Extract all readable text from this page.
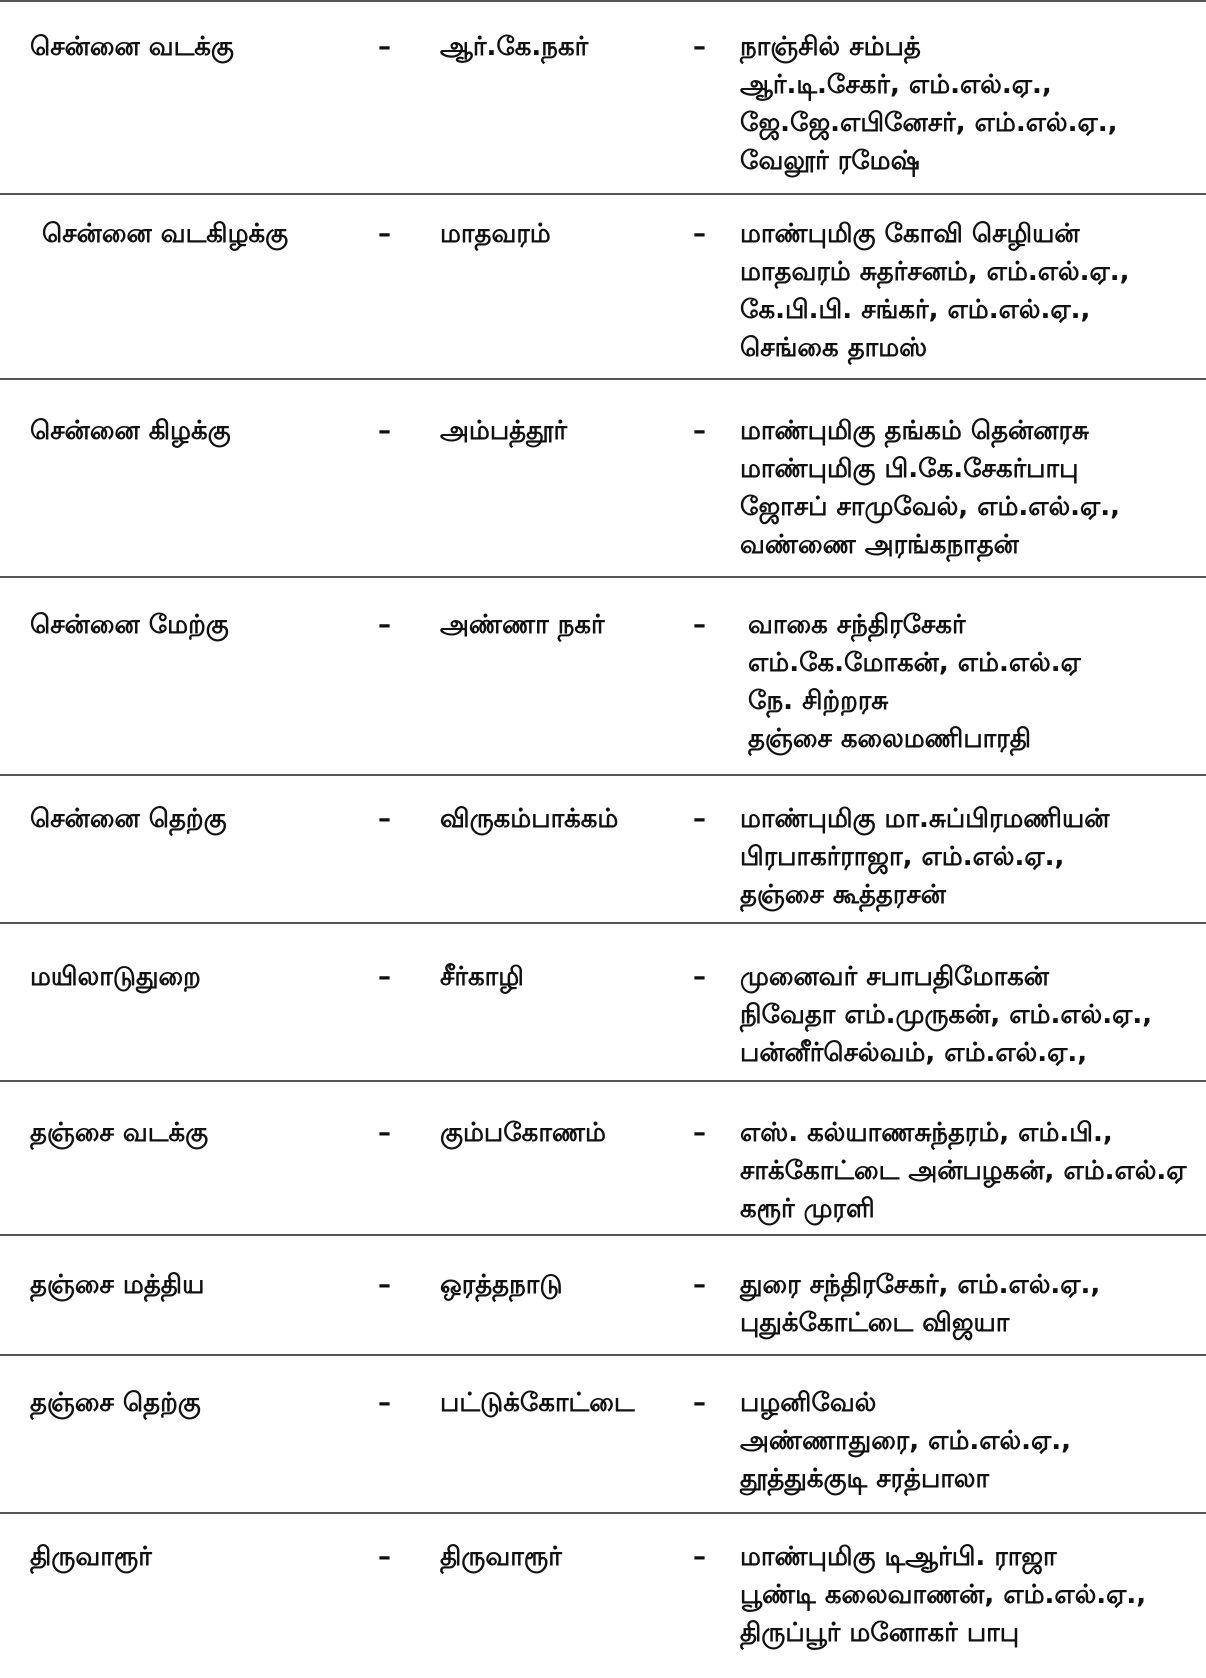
சென்னை வடக்கு	– ஆர்.கே.நகர்	– நாஞ்சில் சம்பத்
ஆர்.டி.சேகர், எம்.எல்.ஏ.,
ஜே.ஜே.எபினேசர், எம்.எல்.ஏ.,
வேலூர் ரமேஷ்
சென்னை வடகிழக்கு	– மாதவரம்	– மாண்புமிகு கோவி செழியன்
மாதவரம் சுதர்சனம், எம்.எல்.ஏ.,
கே.பி.பி. சங்கர், எம்.எல்.ஏ.,
செங்கை தாமஸ்
சென்னை கிழக்கு	– அம்பத்தூர்	– மாண்புமிகு தங்கம் தென்னரசு
மாண்புமிகு பி.கே.சேகர்பாபு
ஜோசப் சாமுவேல், எம்.எல்.ஏ.,
வண்ணை அரங்கநாதன்
சென்னை மேற்கு	– அண்ணா நகர்	– வாகை சந்திரசேகர்
எம்.கே.மோகன், எம்.எல்.ஏ
நே. சிற்றரசு
தஞ்சை கலைமணிபாரதி
சென்னை தெற்கு	– விருகம்பாக்கம்	– மாண்புமிகு மா.சுப்பிரமணியன்
பிரபாகர்ராஜா, எம்.எல்.ஏ.,
தஞ்சை கூத்தரசன்
மயிலாடுதுறை	– சீர்காழி	– முனைவர் சபாபதிமோகன்
நிவேதா எம்.முருகன், எம்.எல்.ஏ.,
பன்னீர்செல்வம், எம்.எல்.ஏ.,
தஞ்சை வடக்கு	– கும்பகோணம்	– எஸ். கல்யாணசுந்தரம், எம்.பி.,
சாக்கோட்டை அன்பழகன், எம்.எல்.ஏ
கரூர் முரளி
தஞ்சை மத்திய	– ஒரத்தநாடு	– துரை சந்திரசேகர், எம்.எல்.ஏ.,
புதுக்கோட்டை விஜயா
தஞ்சை தெற்கு	– பட்டுக்கோட்டை – பழனிவேல்
அண்ணாதுரை, எம்.எல்.ஏ.,
தூத்துக்குடி சரத்பாலா
திருவாரூர்	– திருவாரூர்	– மாண்புமிகு டிஆர்பி. ராஜா
பூண்டி கலைவாணன், எம்.எல்.ஏ.,
திருப்பூர் மனோகர் பாபு
